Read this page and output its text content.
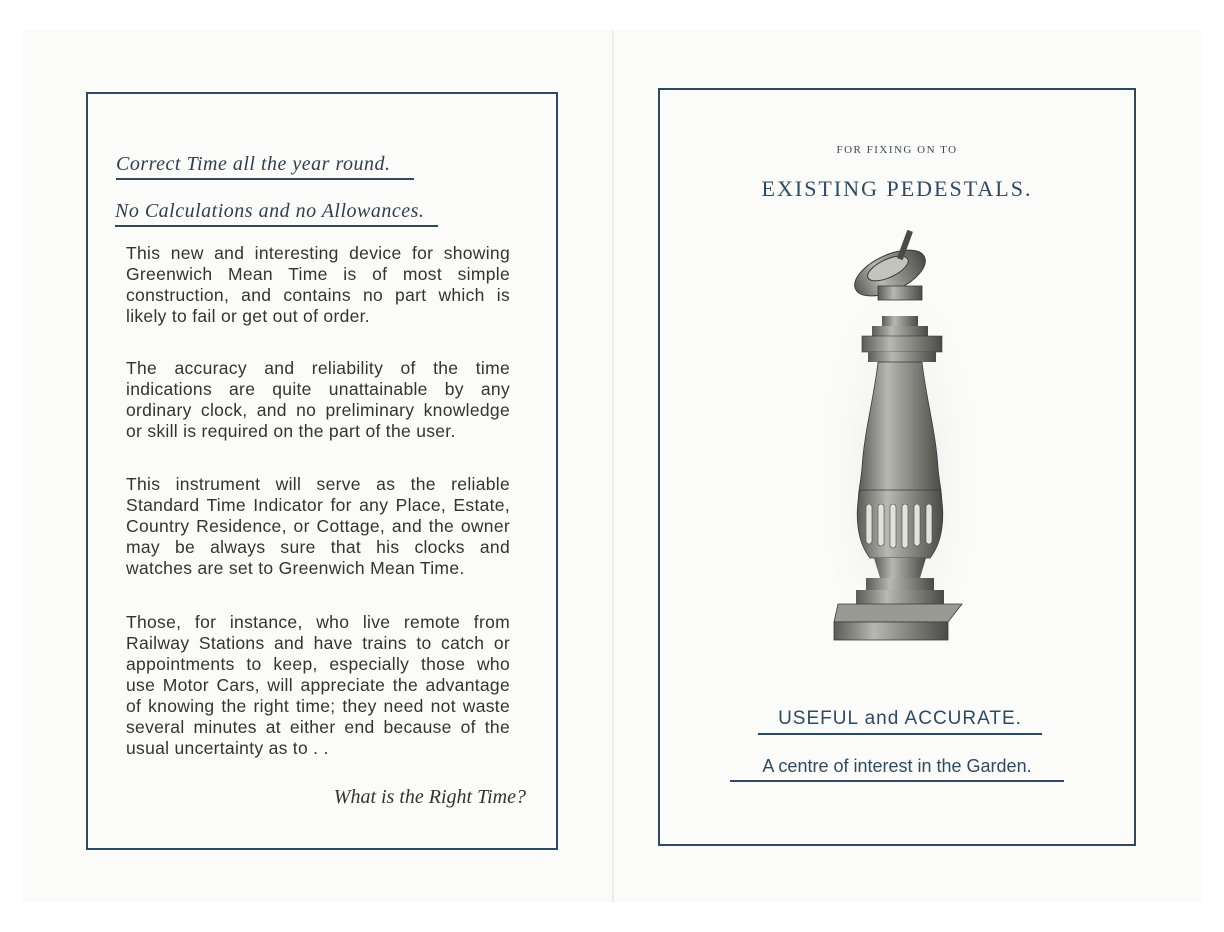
Correct Time all the year round.
No Calculations and no Allowances.

This new and interesting device for showing Greenwich Mean Time is of most simple construction, and contains no part which is likely to fail or get out of order.

The accuracy and reliability of the time indications are quite unattainable by any ordinary clock, and no preliminary knowledge or skill is required on the part of the user.

This instrument will serve as the reliable Standard Time Indicator for any Place, Estate, Country Residence, or Cottage, and the owner may be always sure that his clocks and watches are set to Greenwich Mean Time.

Those, for instance, who live remote from Railway Stations and have trains to catch or appointments to keep, especially those who use Motor Cars, will appreciate the advantage of knowing the right time; they need not waste several minutes at either end because of the usual uncertainty as to . .

What is the Right Time?
FOR FIXING ON TO
EXISTING PEDESTALS.
USEFUL and ACCURATE.
A centre of interest in the Garden.
